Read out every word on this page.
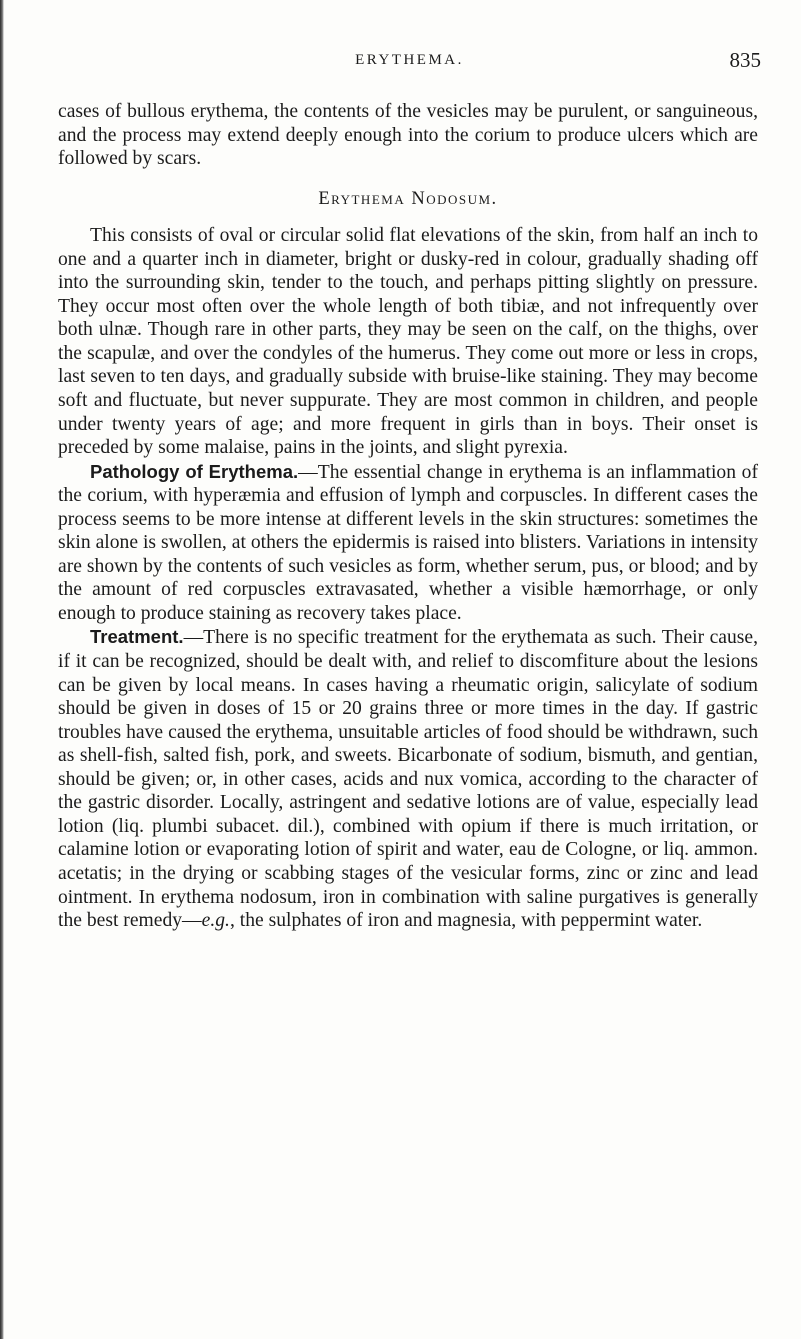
ERYTHEMA.	835

cases of bullous erythema, the contents of the vesicles may be purulent, or sanguineous, and the process may extend deeply enough into the corium to produce ulcers which are followed by scars.

Erythema Nodosum.

This consists of oval or circular solid flat elevations of the skin, from half an inch to one and a quarter inch in diameter, bright or dusky-red in colour, gradually shading off into the surrounding skin, tender to the touch, and perhaps pitting slightly on pressure. They occur most often over the whole length of both tibiæ, and not infrequently over both ulnæ. Though rare in other parts, they may be seen on the calf, on the thighs, over the scapulæ, and over the condyles of the humerus. They come out more or less in crops, last seven to ten days, and gradually subside with bruise-like staining. They may become soft and fluctuate, but never suppurate. They are most common in children, and people under twenty years of age; and more frequent in girls than in boys. Their onset is preceded by some malaise, pains in the joints, and slight pyrexia.

Pathology of Erythema.—The essential change in erythema is an inflammation of the corium, with hyperæmia and effusion of lymph and corpuscles. In different cases the process seems to be more intense at different levels in the skin structures: sometimes the skin alone is swollen, at others the epidermis is raised into blisters. Variations in intensity are shown by the contents of such vesicles as form, whether serum, pus, or blood; and by the amount of red corpuscles extravasated, whether a visible hæmorrhage, or only enough to produce staining as recovery takes place.

Treatment.—There is no specific treatment for the erythemata as such. Their cause, if it can be recognized, should be dealt with, and relief to discomfiture about the lesions can be given by local means. In cases having a rheumatic origin, salicylate of sodium should be given in doses of 15 or 20 grains three or more times in the day. If gastric troubles have caused the erythema, unsuitable articles of food should be withdrawn, such as shell-fish, salted fish, pork, and sweets. Bicarbonate of sodium, bismuth, and gentian, should be given; or, in other cases, acids and nux vomica, according to the character of the gastric disorder. Locally, astringent and sedative lotions are of value, especially lead lotion (liq. plumbi subacet. dil.), combined with opium if there is much irritation, or calamine lotion or evaporating lotion of spirit and water, eau de Cologne, or liq. ammon. acetatis; in the drying or scabbing stages of the vesicular forms, zinc or zinc and lead ointment. In erythema nodosum, iron in combination with saline purgatives is generally the best remedy—e.g., the sulphates of iron and magnesia, with peppermint water.
